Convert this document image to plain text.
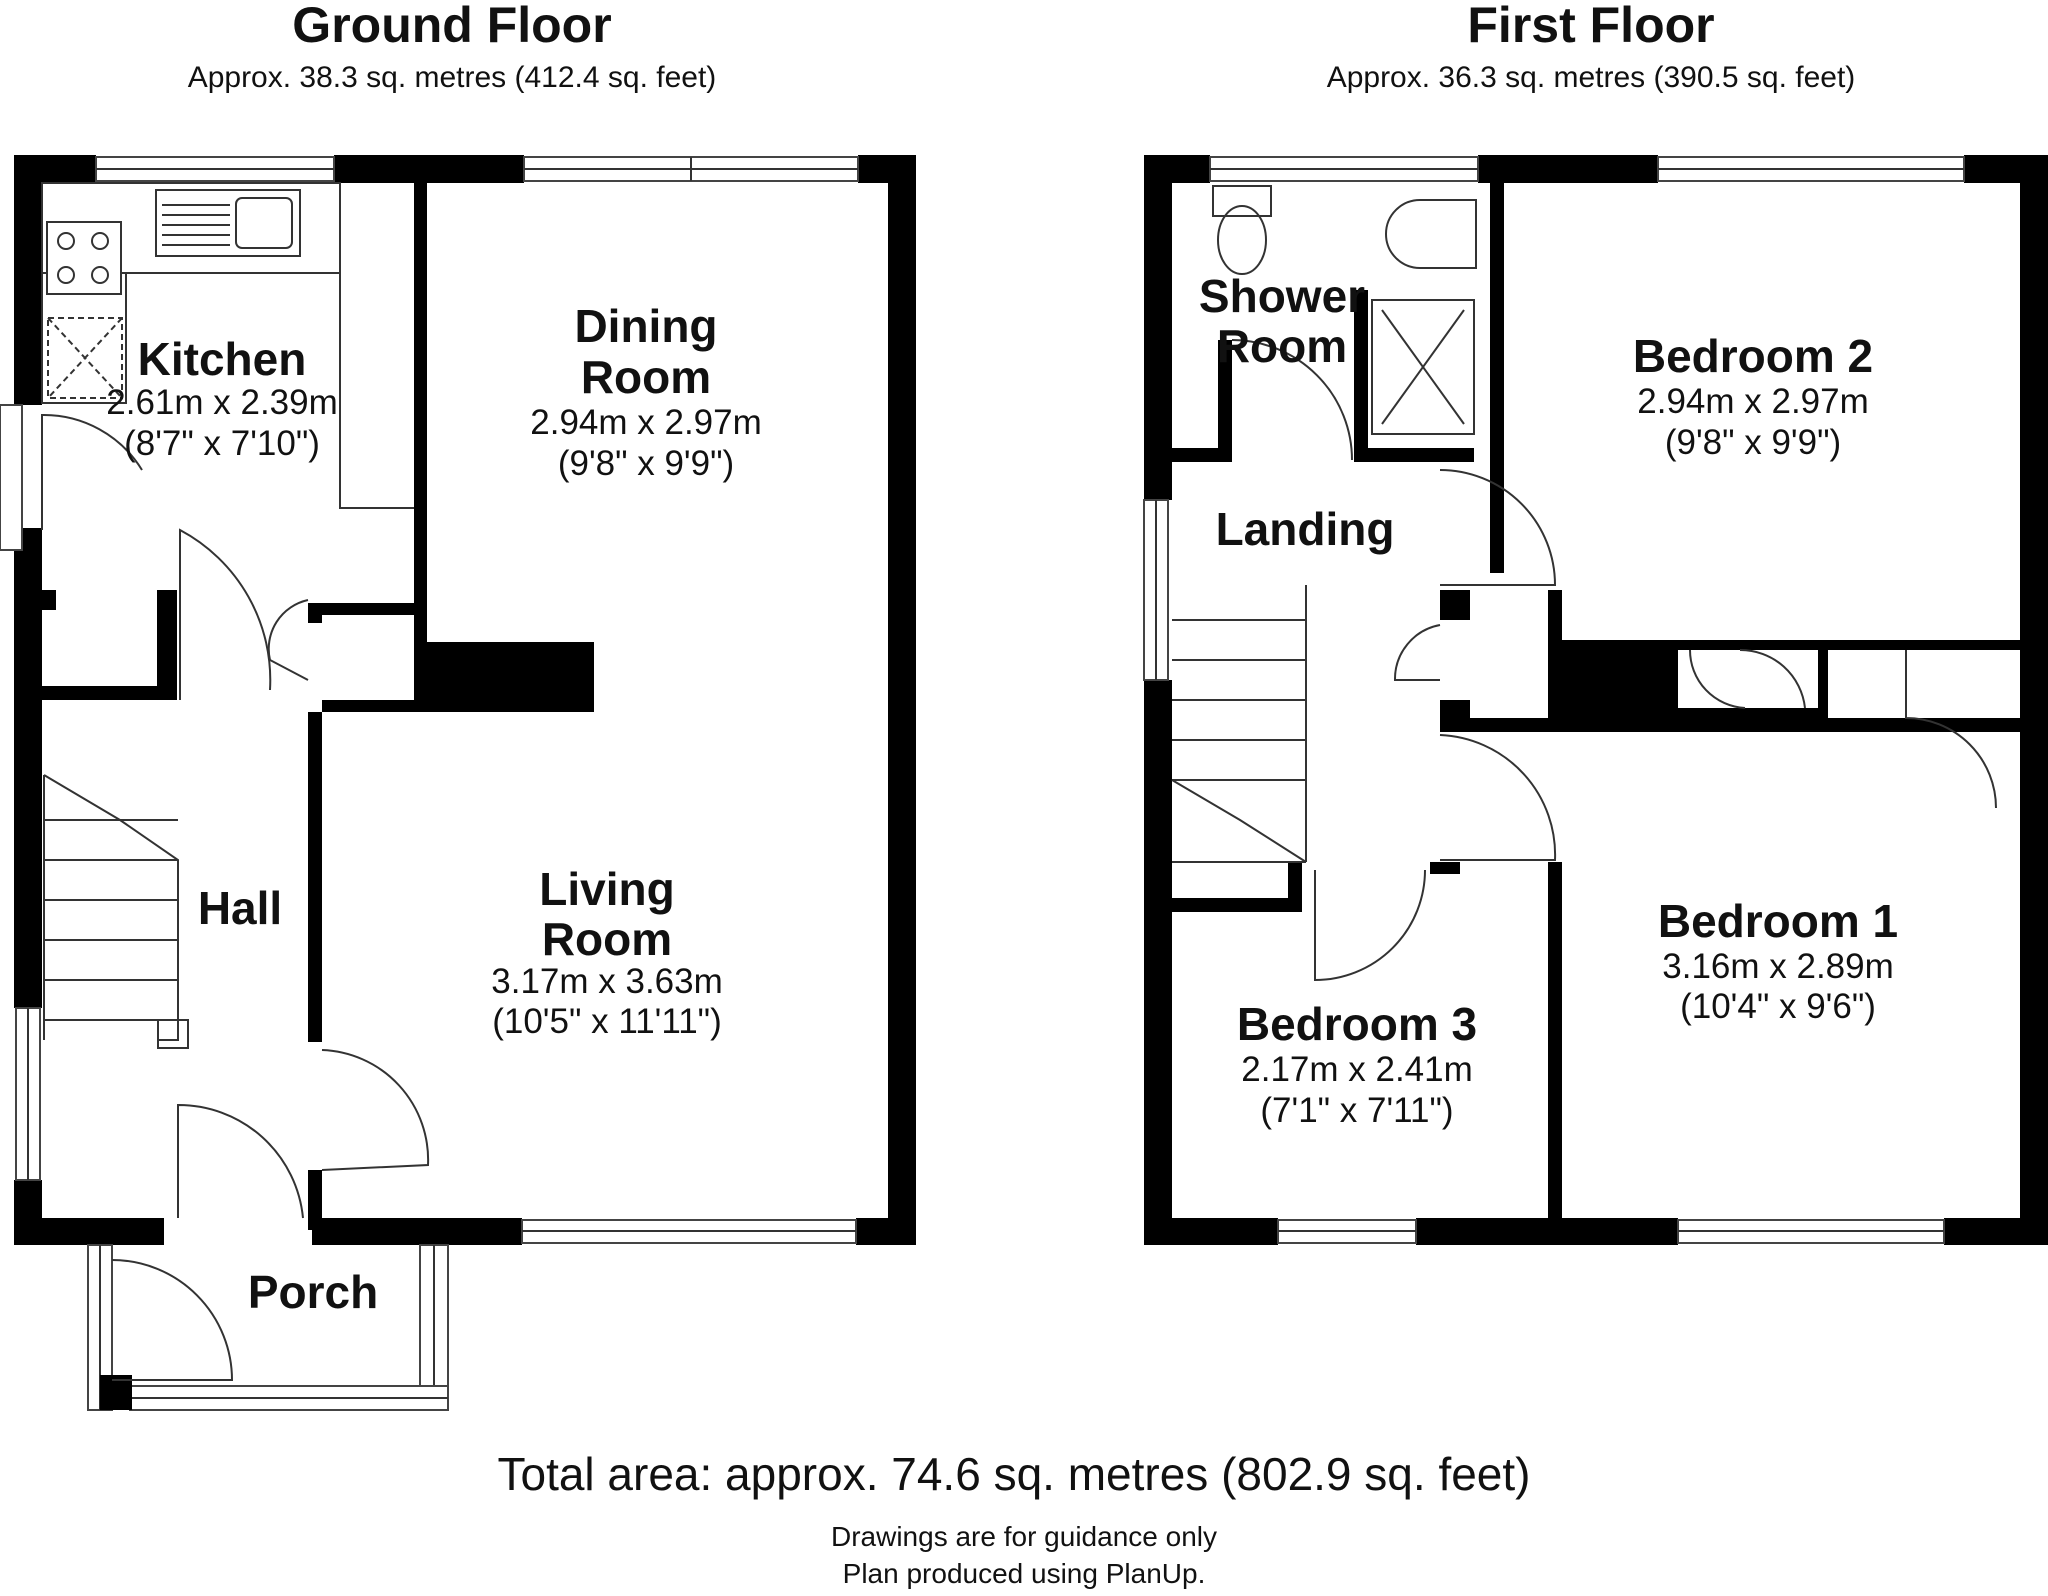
Ground Floor
Approx. 38.3 sq. metres (412.4 sq. feet)
First Floor
Approx. 36.3 sq. metres (390.5 sq. feet)
Kitchen
2.61m x 2.39m
(8'7" x 7'10")
Dining
Room
2.94m x 2.97m
(9'8" x 9'9")
Living
Room
3.17m x 3.63m
(10'5" x 11'11")
Hall
Porch
Shower
Room
Landing
Bedroom 2
2.94m x 2.97m
(9'8" x 9'9")
Bedroom 1
3.16m x 2.89m
(10'4" x 9'6")
Bedroom 3
2.17m x 2.41m
(7'1" x 7'11")
Total area: approx. 74.6 sq. metres (802.9 sq. feet)
Drawings are for guidance only
Plan produced using PlanUp.
